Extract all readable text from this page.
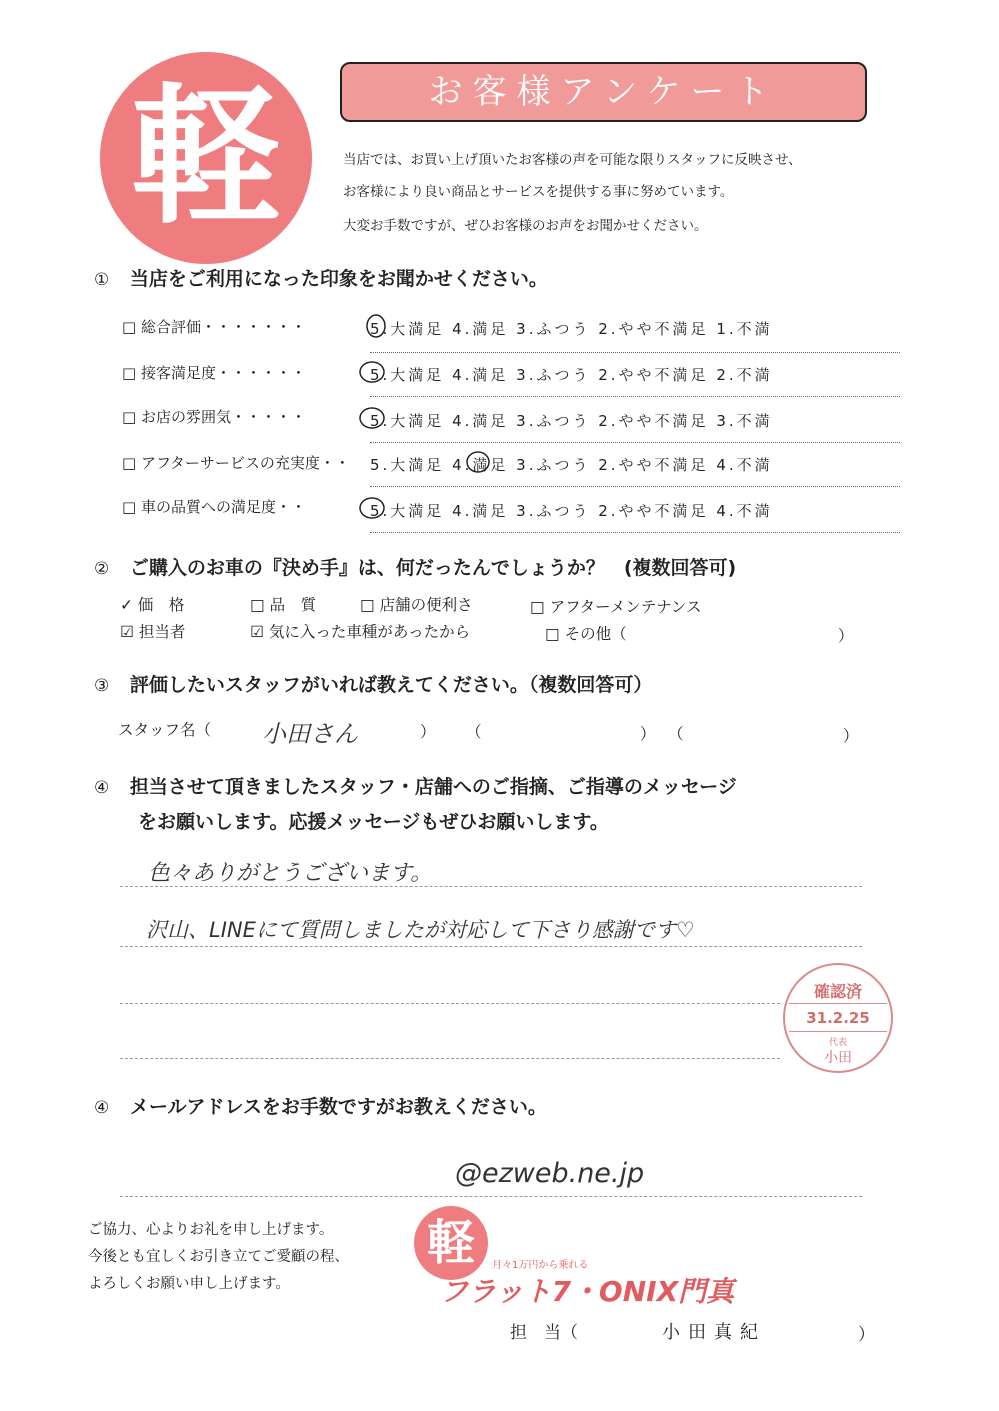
軽	お客様アンケート
当店では、お買い上げ頂いたお客様の声を可能な限りスタッフに反映させ、
お客様により良い商品とサービスを提供する事に努めています。
大変お手数ですが、ぜひお客様のお声をお聞かせください。
① 当店をご利用になった印象をお聞かせください。
□ 総合評価・・・・・・・	5.大満足 4.満足 3.ふつう 2.やや不満足 1.不満
□ 接客満足度・・・・・・	5.大満足 4.満足 3.ふつう 2.やや不満足 2.不満
□ お店の雰囲気・・・・・	5.大満足 4.満足 3.ふつう 2.やや不満足 3.不満
□ アフターサービスの充実度・・ 5.大満足 4.満足 3.ふつう 2.やや不満足 4.不満
□ 車の品質への満足度・・	5.大満足 4.満足 3.ふつう 2.やや不満足 4.不満
② ご購入のお車の『決め手』は、何だったんでしょうか？　(複数回答可)
✓ 価　格	□ 品　質	□ 店舗の便利さ	□ アフターメンテナンス
☑ 担当者	☑ 気に入った車種があったから	□ その他（	）
③ 評価したいスタッフがいれば教えてください。（複数回答可）
スタッフ名（ 小田さん	） （	） （	）
④ 担当させて頂きましたスタッフ・店舗へのご指摘、ご指導のメッセージ
をお願いします。応援メッセージもぜひお願いします。
色々ありがとうございます。
沢山、LINEにて質問しましたが対応して下さり感謝です♡
確認済
31.2.25
代表
小田
④ メールアドレスをお手数ですがお教えください。
@ezweb.ne.jp
ご協力、心よりお礼を申し上げます。
今後とも宜しくお引き立てご愛顧の程、
よろしくお願い申し上げます。
軽	月々1万円から乗れる
フラット7・ONIX門真
担　当（	小田真紀	）
